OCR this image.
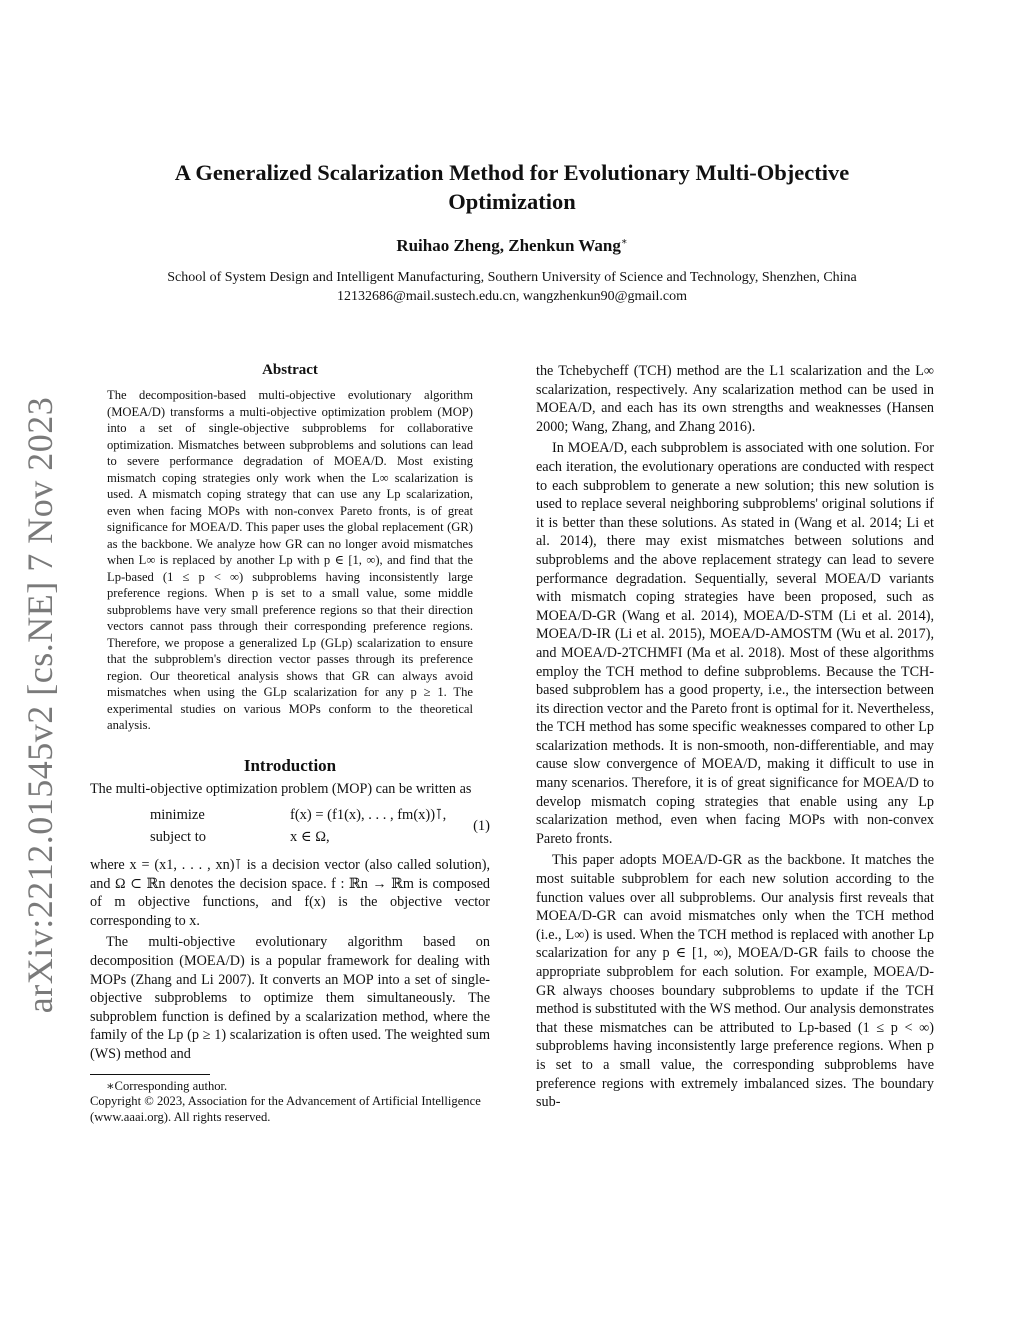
arXiv:2212.01545v2 [cs.NE] 7 Nov 2023
A Generalized Scalarization Method for Evolutionary Multi-Objective
Optimization
Ruihao Zheng, Zhenkun Wang∗
School of System Design and Intelligent Manufacturing, Southern University of Science and Technology, Shenzhen, China
12132686@mail.sustech.edu.cn, wangzhenkun90@gmail.com
Abstract

The decomposition-based multi-objective evolutionary algorithm (MOEA/D) transforms a multi-objective optimization problem (MOP) into a set of single-objective subproblems for collaborative optimization. Mismatches between subproblems and solutions can lead to severe performance degradation of MOEA/D. Most existing mismatch coping strategies only work when the L∞ scalarization is used. A mismatch coping strategy that can use any Lp scalarization, even when facing MOPs with non-convex Pareto fronts, is of great significance for MOEA/D. This paper uses the global replacement (GR) as the backbone. We analyze how GR can no longer avoid mismatches when L∞ is replaced by another Lp with p ∈ [1, ∞), and find that the Lp-based (1 ≤ p < ∞) subproblems having inconsistently large preference regions. When p is set to a small value, some middle subproblems have very small preference regions so that their direction vectors cannot pass through their corresponding preference regions. Therefore, we propose a generalized Lp (GLp) scalarization to ensure that the subproblem's direction vector passes through its preference region. Our theoretical analysis shows that GR can always avoid mismatches when using the GLp scalarization for any p ≥ 1. The experimental studies on various MOPs conform to the theoretical analysis.

Introduction

The multi-objective optimization problem (MOP) can be written as

minimize	f(x) = (f1(x), . . . , fm(x))⊺,
subject to	x ∈ Ω,
(1)

where x = (x1, . . . , xn)⊺ is a decision vector (also called solution), and Ω ⊂ ℝn denotes the decision space. f : ℝn → ℝm is composed of m objective functions, and f(x) is the objective vector corresponding to x.

The multi-objective evolutionary algorithm based on decomposition (MOEA/D) is a popular framework for dealing with MOPs (Zhang and Li 2007). It converts an MOP into a set of single-objective subproblems to optimize them simultaneously. The subproblem function is defined by a scalarization method, where the family of the Lp (p ≥ 1) scalarization is often used. The weighted sum (WS) method and

∗Corresponding author.

Copyright © 2023, Association for the Advancement of Artificial Intelligence (www.aaai.org). All rights reserved.

the Tchebycheff (TCH) method are the L1 scalarization and the L∞ scalarization, respectively. Any scalarization method can be used in MOEA/D, and each has its own strengths and weaknesses (Hansen 2000; Wang, Zhang, and Zhang 2016).

In MOEA/D, each subproblem is associated with one solution. For each iteration, the evolutionary operations are conducted with respect to each subproblem to generate a new solution; this new solution is used to replace several neighboring subproblems' original solutions if it is better than these solutions. As stated in (Wang et al. 2014; Li et al. 2014), there may exist mismatches between solutions and subproblems and the above replacement strategy can lead to severe performance degradation. Sequentially, several MOEA/D variants with mismatch coping strategies have been proposed, such as MOEA/D-GR (Wang et al. 2014), MOEA/D-STM (Li et al. 2014), MOEA/D-IR (Li et al. 2015), MOEA/D-AMOSTM (Wu et al. 2017), and MOEA/D-2TCHMFI (Ma et al. 2018). Most of these algorithms employ the TCH method to define subproblems. Because the TCH-based subproblem has a good property, i.e., the intersection between its direction vector and the Pareto front is optimal for it. Nevertheless, the TCH method has some specific weaknesses compared to other Lp scalarization methods. It is non-smooth, non-differentiable, and may cause slow convergence of MOEA/D, making it difficult to use in many scenarios. Therefore, it is of great significance for MOEA/D to develop mismatch coping strategies that enable using any Lp scalarization method, even when facing MOPs with non-convex Pareto fronts.

This paper adopts MOEA/D-GR as the backbone. It matches the most suitable subproblem for each new solution according to the function values over all subproblems. Our analysis first reveals that MOEA/D-GR can avoid mismatches only when the TCH method (i.e., L∞) is used. When the TCH method is replaced with another Lp scalarization for any p ∈ [1, ∞), MOEA/D-GR fails to choose the appropriate subproblem for each solution. For example, MOEA/D-GR always chooses boundary subproblems to update if the TCH method is substituted with the WS method. Our analysis demonstrates that these mismatches can be attributed to Lp-based (1 ≤ p < ∞) subproblems having inconsistently large preference regions. When p is set to a small value, the corresponding subproblems have preference regions with extremely imbalanced sizes. The boundary sub-
